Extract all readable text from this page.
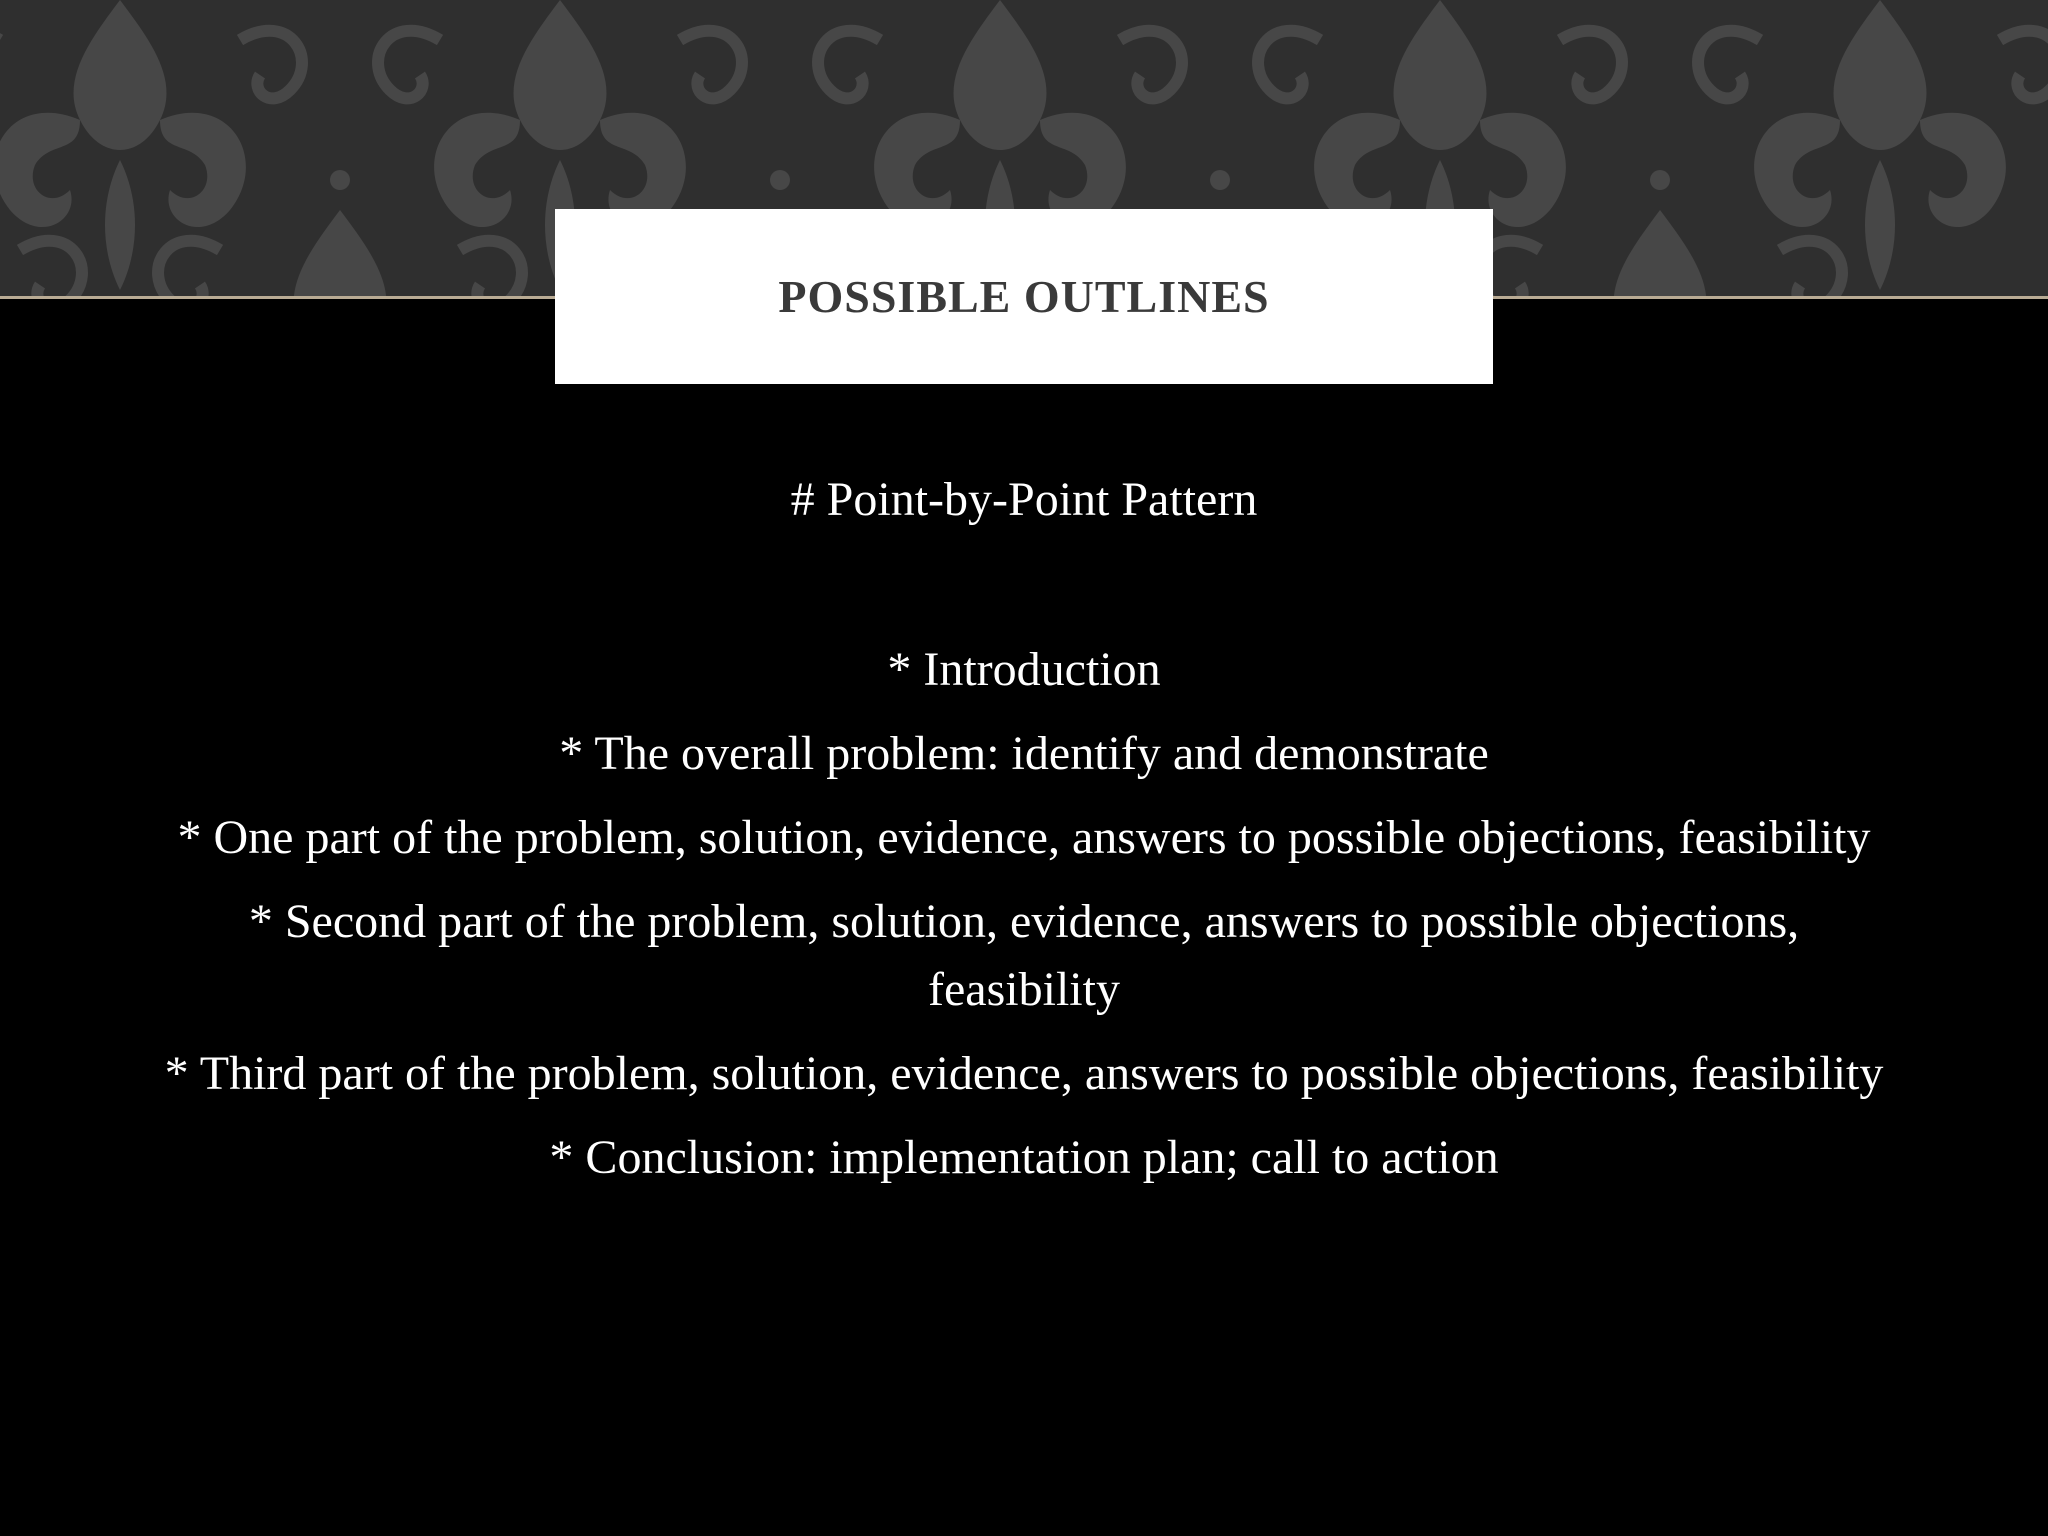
POSSIBLE OUTLINES
# Point-by-Point Pattern
* Introduction
* The overall problem: identify and demonstrate
* One part of the problem, solution, evidence, answers to possible objections, feasibility
* Second part of the problem, solution, evidence, answers to possible objections, feasibility
* Third part of the problem, solution, evidence, answers to possible objections, feasibility
* Conclusion: implementation plan; call to action
